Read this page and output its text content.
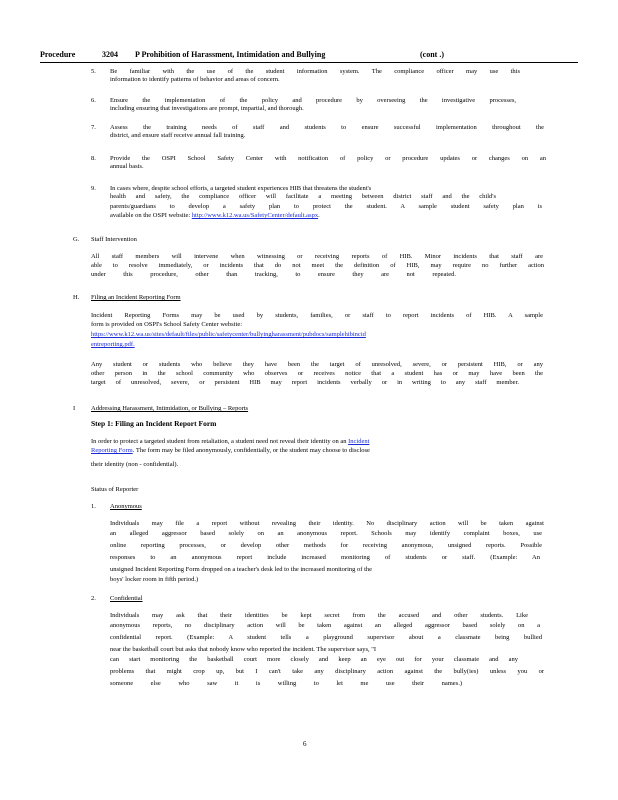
Procedure	3204 P Prohibition of Harassment, Intimidation and Bullying	(cont .)
5. Be familiar with the use of the student information system. The compliance officer may use this
information to identify patterns of behavior and areas of concern.
6. Ensure the implementation of the policy and procedure by overseeing the investigative processes,
including ensuring that investigations are prompt, impartial, and thorough.
7. Assess the training needs of staff and students to ensure successful implementation throughout the
district, and ensure staff receive annual fall training.
8. Provide the OSPI School Safety Center with notification of policy or procedure updates or changes on an
annual basis.
9. In cases where, despite school efforts, a targeted student experiences HIB that threatens the student's
health and safety, the compliance officer will facilitate a meeting between district staff and the child's
parents/guardians to develop a safety plan to protect the student. A sample student safety plan is
available on the OSPI website: http://www.k12.wa.us/SafetyCenter/default.aspx.
G. Staff Intervention
All staff members will intervene when witnessing or receiving reports of HIB. Minor incidents that staff are
able to resolve immediately, or incidents that do not meet the definition of HIB, may require no further action
under this procedure, other than tracking, to ensure they are not repeated.
H. Filing an Incident Reporting Form
Incident Reporting Forms may be used by students, families, or staff to report incidents of HIB. A sample
form is provided on OSPI's School Safety Center website:
https://www.k12.wa.us/sites/default/files/public/safetycenter/bullyingharassment/pubdocs/samplehibincid
entreporting.pdf.
Any student or students who believe they have been the target of unresolved, severe, or persistent HIB, or any
other person in the school community who observes or receives notice that a student has or may have been the
target of unresolved, severe, or persistent HIB may report incidents verbally or in writing to any staff member.
I Addressing Harassment, Intimidation, or Bullying – Reports
Step 1: Filing an Incident Report Form
In order to protect a targeted student from retaliation, a student need not reveal their identity on an Incident
Reporting Form. The form may be filed anonymously, confidentially, or the student may choose to disclose
their identity (non - confidential).
Status of Reporter
1. Anonymous
Individuals may file a report without revealing their identity. No disciplinary action will be taken against
an alleged aggressor based solely on an anonymous report. Schools may identify complaint boxes, use
online reporting processes, or develop other methods for receiving anonymous, unsigned reports. Possible
responses to an anonymous report include increased monitoring of students or staff. (Example: An
unsigned Incident Reporting Form dropped on a teacher's desk led to the increased monitoring of the
boys' locker room in fifth period.)
2. Confidential
Individuals may ask that their identities be kept secret from the accused and other students. Like
anonymous reports, no disciplinary action will be taken against an alleged aggressor based solely on a
confidential report. (Example: A student tells a playground supervisor about a classmate being bullied
near the basketball court but asks that nobody know who reported the incident. The supervisor says, "I
can start monitoring the basketball court more closely and keep an eye out for your classmate and any
problems that might crop up, but I can't take any disciplinary action against the bully(ies) unless you or
someone else who saw it is willing to let me use their names.)
6
